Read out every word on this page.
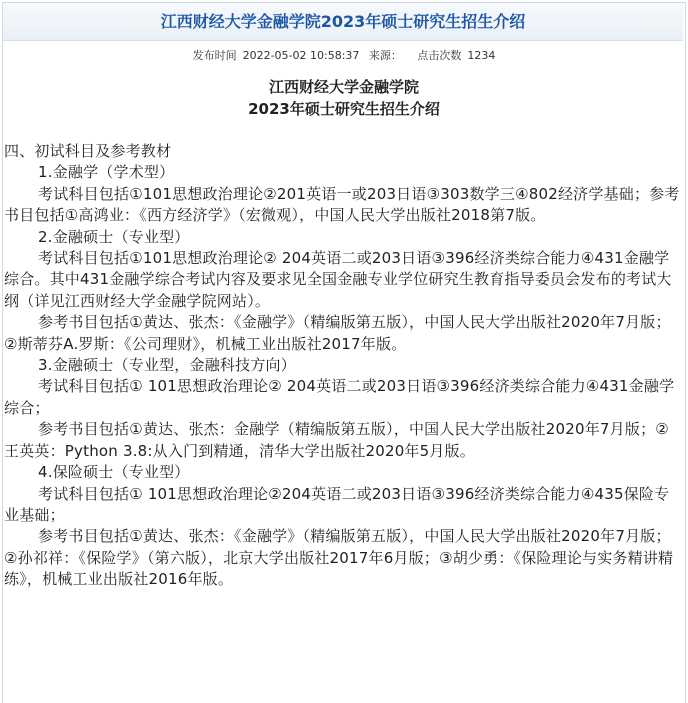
江西财经大学金融学院2023年硕士研究生招生介绍
发布时间 2022-05-02 10:58:37 来源： 点击次数 1234
江西财经大学金融学院
2023年硕士研究生招生介绍

四、初试科目及参考教材

1.金融学（学术型）

考试科目包括①101思想政治理论②201英语一或203日语③303数学三④802经济学基础；参考书目包括①高鸿业：《西方经济学》（宏微观），中国人民大学出版社2018第7版。

2.金融硕士（专业型）

考试科目包括①101思想政治理论② 204英语二或203日语③396经济类综合能力④431金融学综合。其中431金融学综合考试内容及要求见全国金融专业学位研究生教育指导委员会发布的考试大纲（详见江西财经大学金融学院网站）。

参考书目包括①黄达、张杰：《金融学》（精编版第五版），中国人民大学出版社2020年7月版；②斯蒂芬A.罗斯：《公司理财》，机械工业出版社2017年版。

3.金融硕士（专业型，金融科技方向）

考试科目包括① 101思想政治理论② 204英语二或203日语③396经济类综合能力④431金融学综合；

参考书目包括①黄达、张杰：金融学（精编版第五版），中国人民大学出版社2020年7月版；②王英英：Python 3.8:从入门到精通，清华大学出版社2020年5月版。

4.保险硕士（专业型）

考试科目包括① 101思想政治理论②204英语二或203日语③396经济类综合能力④435保险专业基础；

参考书目包括①黄达、张杰：《金融学》（精编版第五版），中国人民大学出版社2020年7月版；②孙祁祥：《保险学》（第六版），北京大学出版社2017年6月版；③胡少勇：《保险理论与实务精讲精练》，机械工业出版社2016年版。
